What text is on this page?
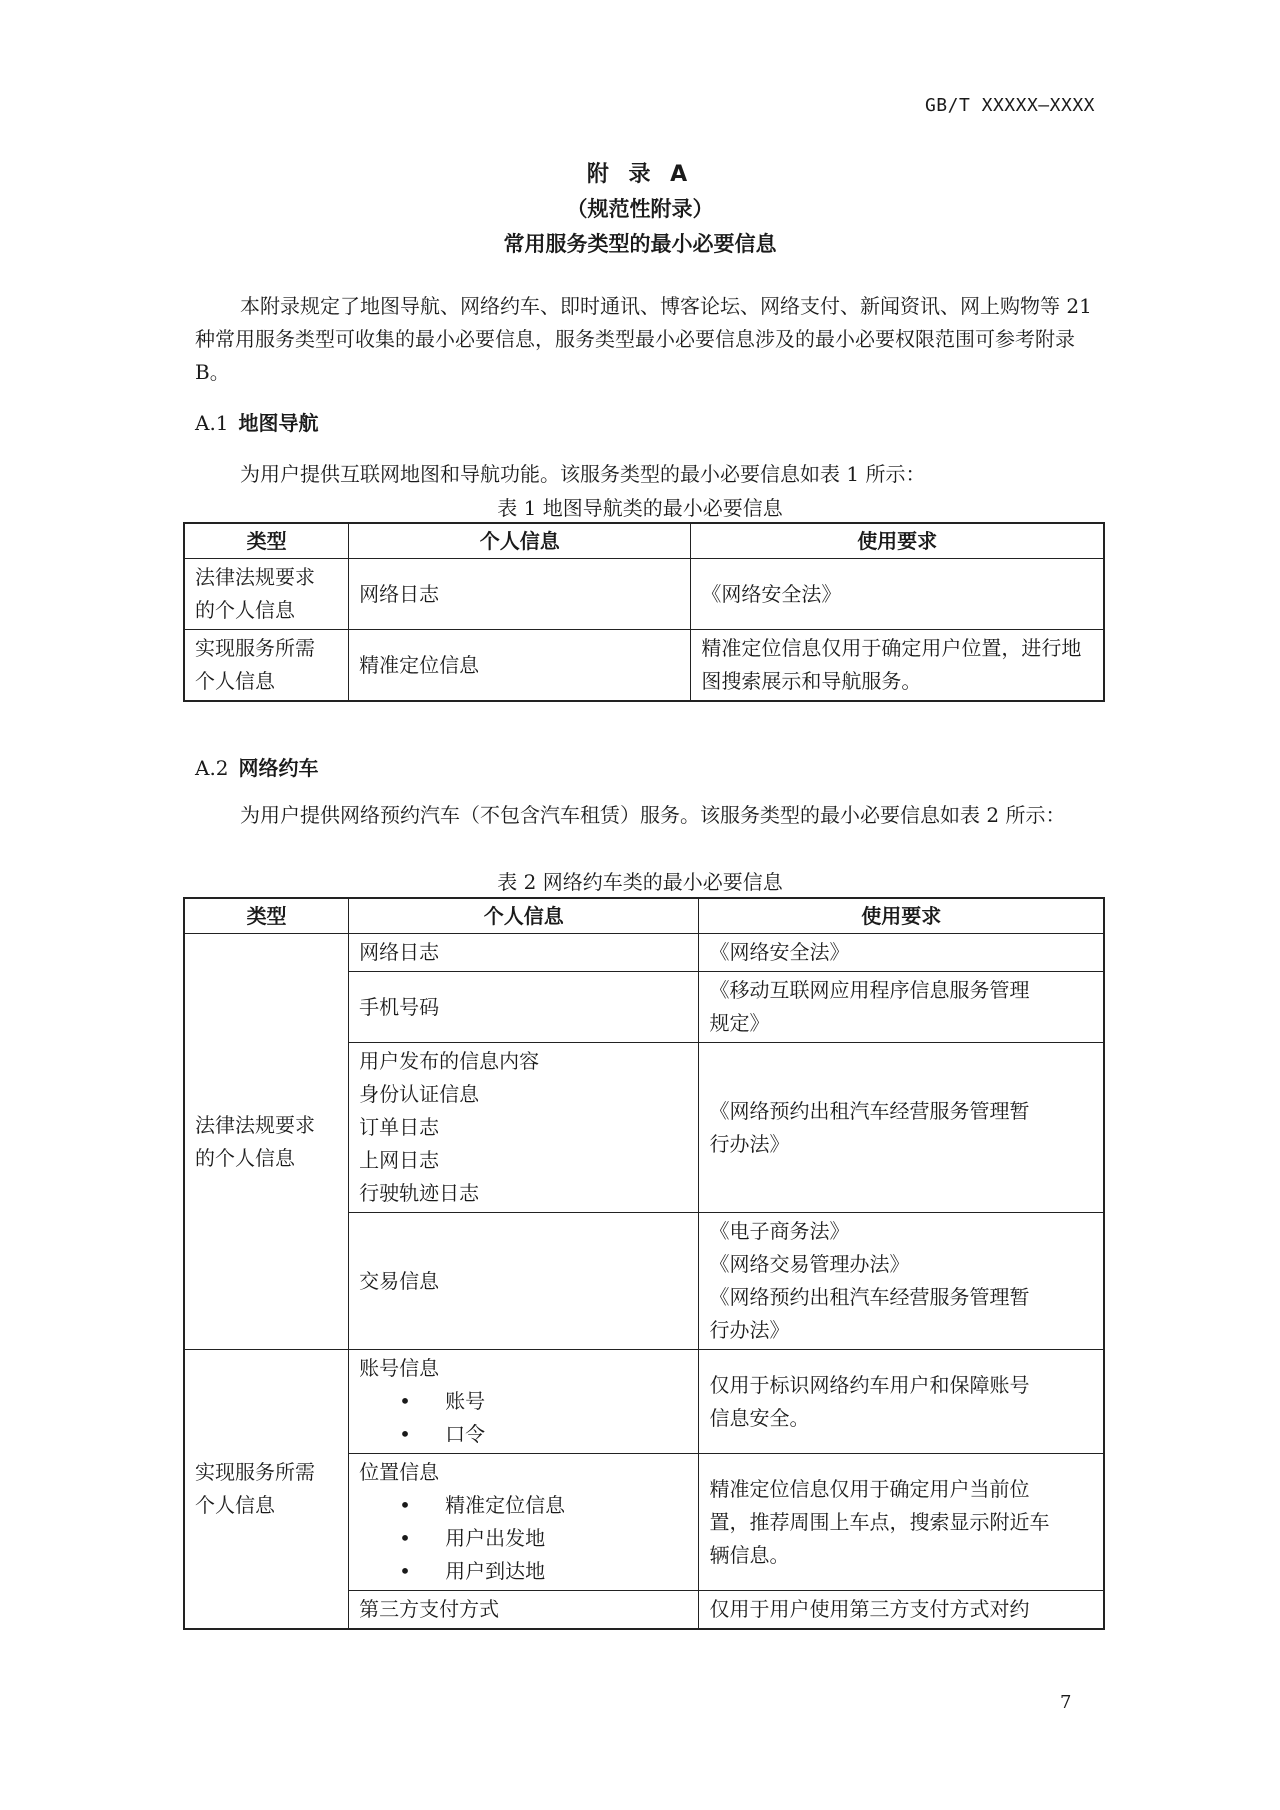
GB/T XXXXX—XXXX
附 录 A
（规范性附录）
常用服务类型的最小必要信息

本附录规定了地图导航、网络约车、即时通讯、博客论坛、网络支付、新闻资讯、网上购物等 21 种常用服务类型可收集的最小必要信息，服务类型最小必要信息涉及的最小必要权限范围可参考附录 B。

A.1 地图导航

为用户提供互联网地图和导航功能。该服务类型的最小必要信息如表 1 所示：

表 1 地图导航类的最小必要信息
类型	个人信息	使用要求

法律法规要求
的个人信息	网络日志	《网络安全法》

实现服务所需
个人信息	精准定位信息	精准定位信息仅用于确定用户位置，进行地图搜索展示和导航服务。
A.2 网络约车

为用户提供网络预约汽车（不包含汽车租赁）服务。该服务类型的最小必要信息如表 2 所示：

表 2 网络约车类的最小必要信息
类型	个人信息	使用要求

法律法规要求
的个人信息	网络日志	《网络安全法》

	手机号码	《移动互联网应用程序信息服务管理
规定》

	用户发布的信息内容
身份认证信息
订单日志
上网日志
行驶轨迹日志	《网络预约出租汽车经营服务管理暂
行办法》

	交易信息	《电子商务法》
《网络交易管理办法》
《网络预约出租汽车经营服务管理暂
行办法》

实现服务所需
个人信息	账号信息
• 账号
• 口令	仅用于标识网络约车用户和保障账号
信息安全。

	位置信息
• 精准定位信息
• 用户出发地
• 用户到达地	精准定位信息仅用于确定用户当前位
置，推荐周围上车点，搜索显示附近车
辆信息。

	第三方支付方式	仅用于用户使用第三方支付方式对约
7
